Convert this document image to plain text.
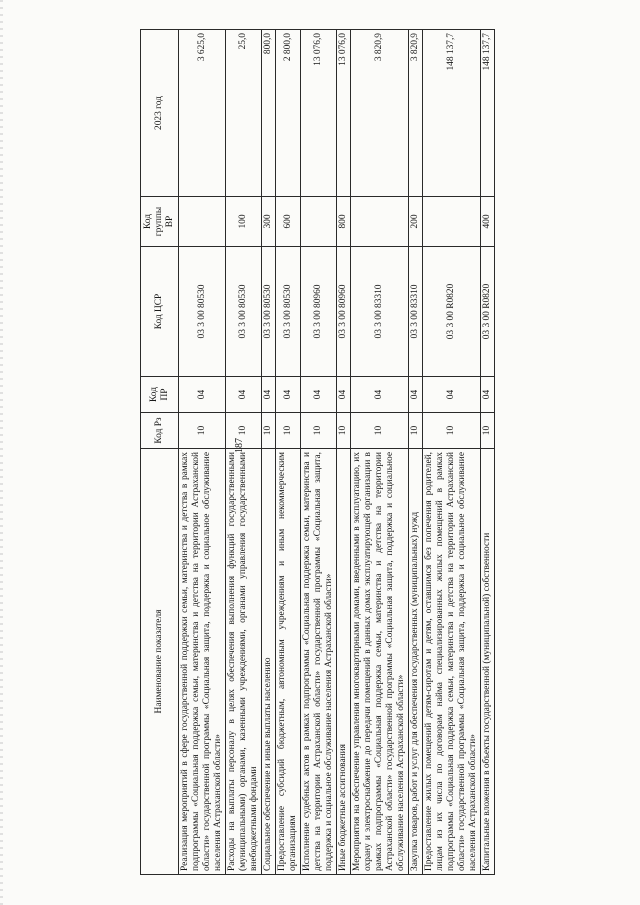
187
Наименование показателя	Код Рз	Код ПР	Код ЦСР	Код группы ВР	2023 год
Реализация мероприятий в сфере государственной поддержки семьи, материнства и детства в рамках подпрограммы «Социальная поддержка семьи, материнства и детства на территории Астраханской области» государственной программы «Социальная защита, поддержка и социальное обслуживание населения Астраханской области»	10	04	03 3 00 80530		3 625,0
Расходы на выплаты персоналу в целях обеспечения выполнения функций государственными (муниципальными) органами, казенными учреждениями, органами управления государственными внебюджетными фондами	10	04	03 3 00 80530	100	25,0
Социальное обеспечение и иные выплаты населению	10	04	03 3 00 80530	300	800,0
Предоставление субсидий бюджетным, автономным учреждениям и иным некоммерческим организациям	10	04	03 3 00 80530	600	2 800,0
Исполнение судебных актов в рамках подпрограммы «Социальная поддержка семьи, материнства и детства на территории Астраханской области» государственной программы «Социальная защита, поддержка и социальное обслуживание населения Астраханской области»	10	04	03 3 00 80960		13 076,0
Иные бюджетные ассигнования	10	04	03 3 00 80960	800	13 076,0
Мероприятия на обеспечение управления многоквартирными домами, введенными в эксплуатацию, их охрану и электроснабжение до передачи помещений в данных домах эксплуатирующей организации в рамках подпрограммы «Социальная поддержка семьи, материнства и детства на территории Астраханской области» государственной программы «Социальная защита, поддержка и социальное обслуживание населения Астраханской области»	10	04	03 3 00 83310		3 820,9
Закупка товаров, работ и услуг для обеспечения государственных (муниципальных) нужд	10	04	03 3 00 83310	200	3 820,9
Предоставление жилых помещений детям-сиротам и детям, оставшимся без попечения родителей, лицам из их числа по договорам найма специализированных жилых помещений в рамках подпрограммы «Социальная поддержка семьи, материнства и детства на территории Астраханской области» государственной программы «Социальная защита, поддержка и социальное обслуживание населения Астраханской области»	10	04	03 3 00 R0820		148 137,7
Капитальные вложения в объекты государственной (муниципальной) собственности	10	04	03 3 00 R0820	400	148 137,7
